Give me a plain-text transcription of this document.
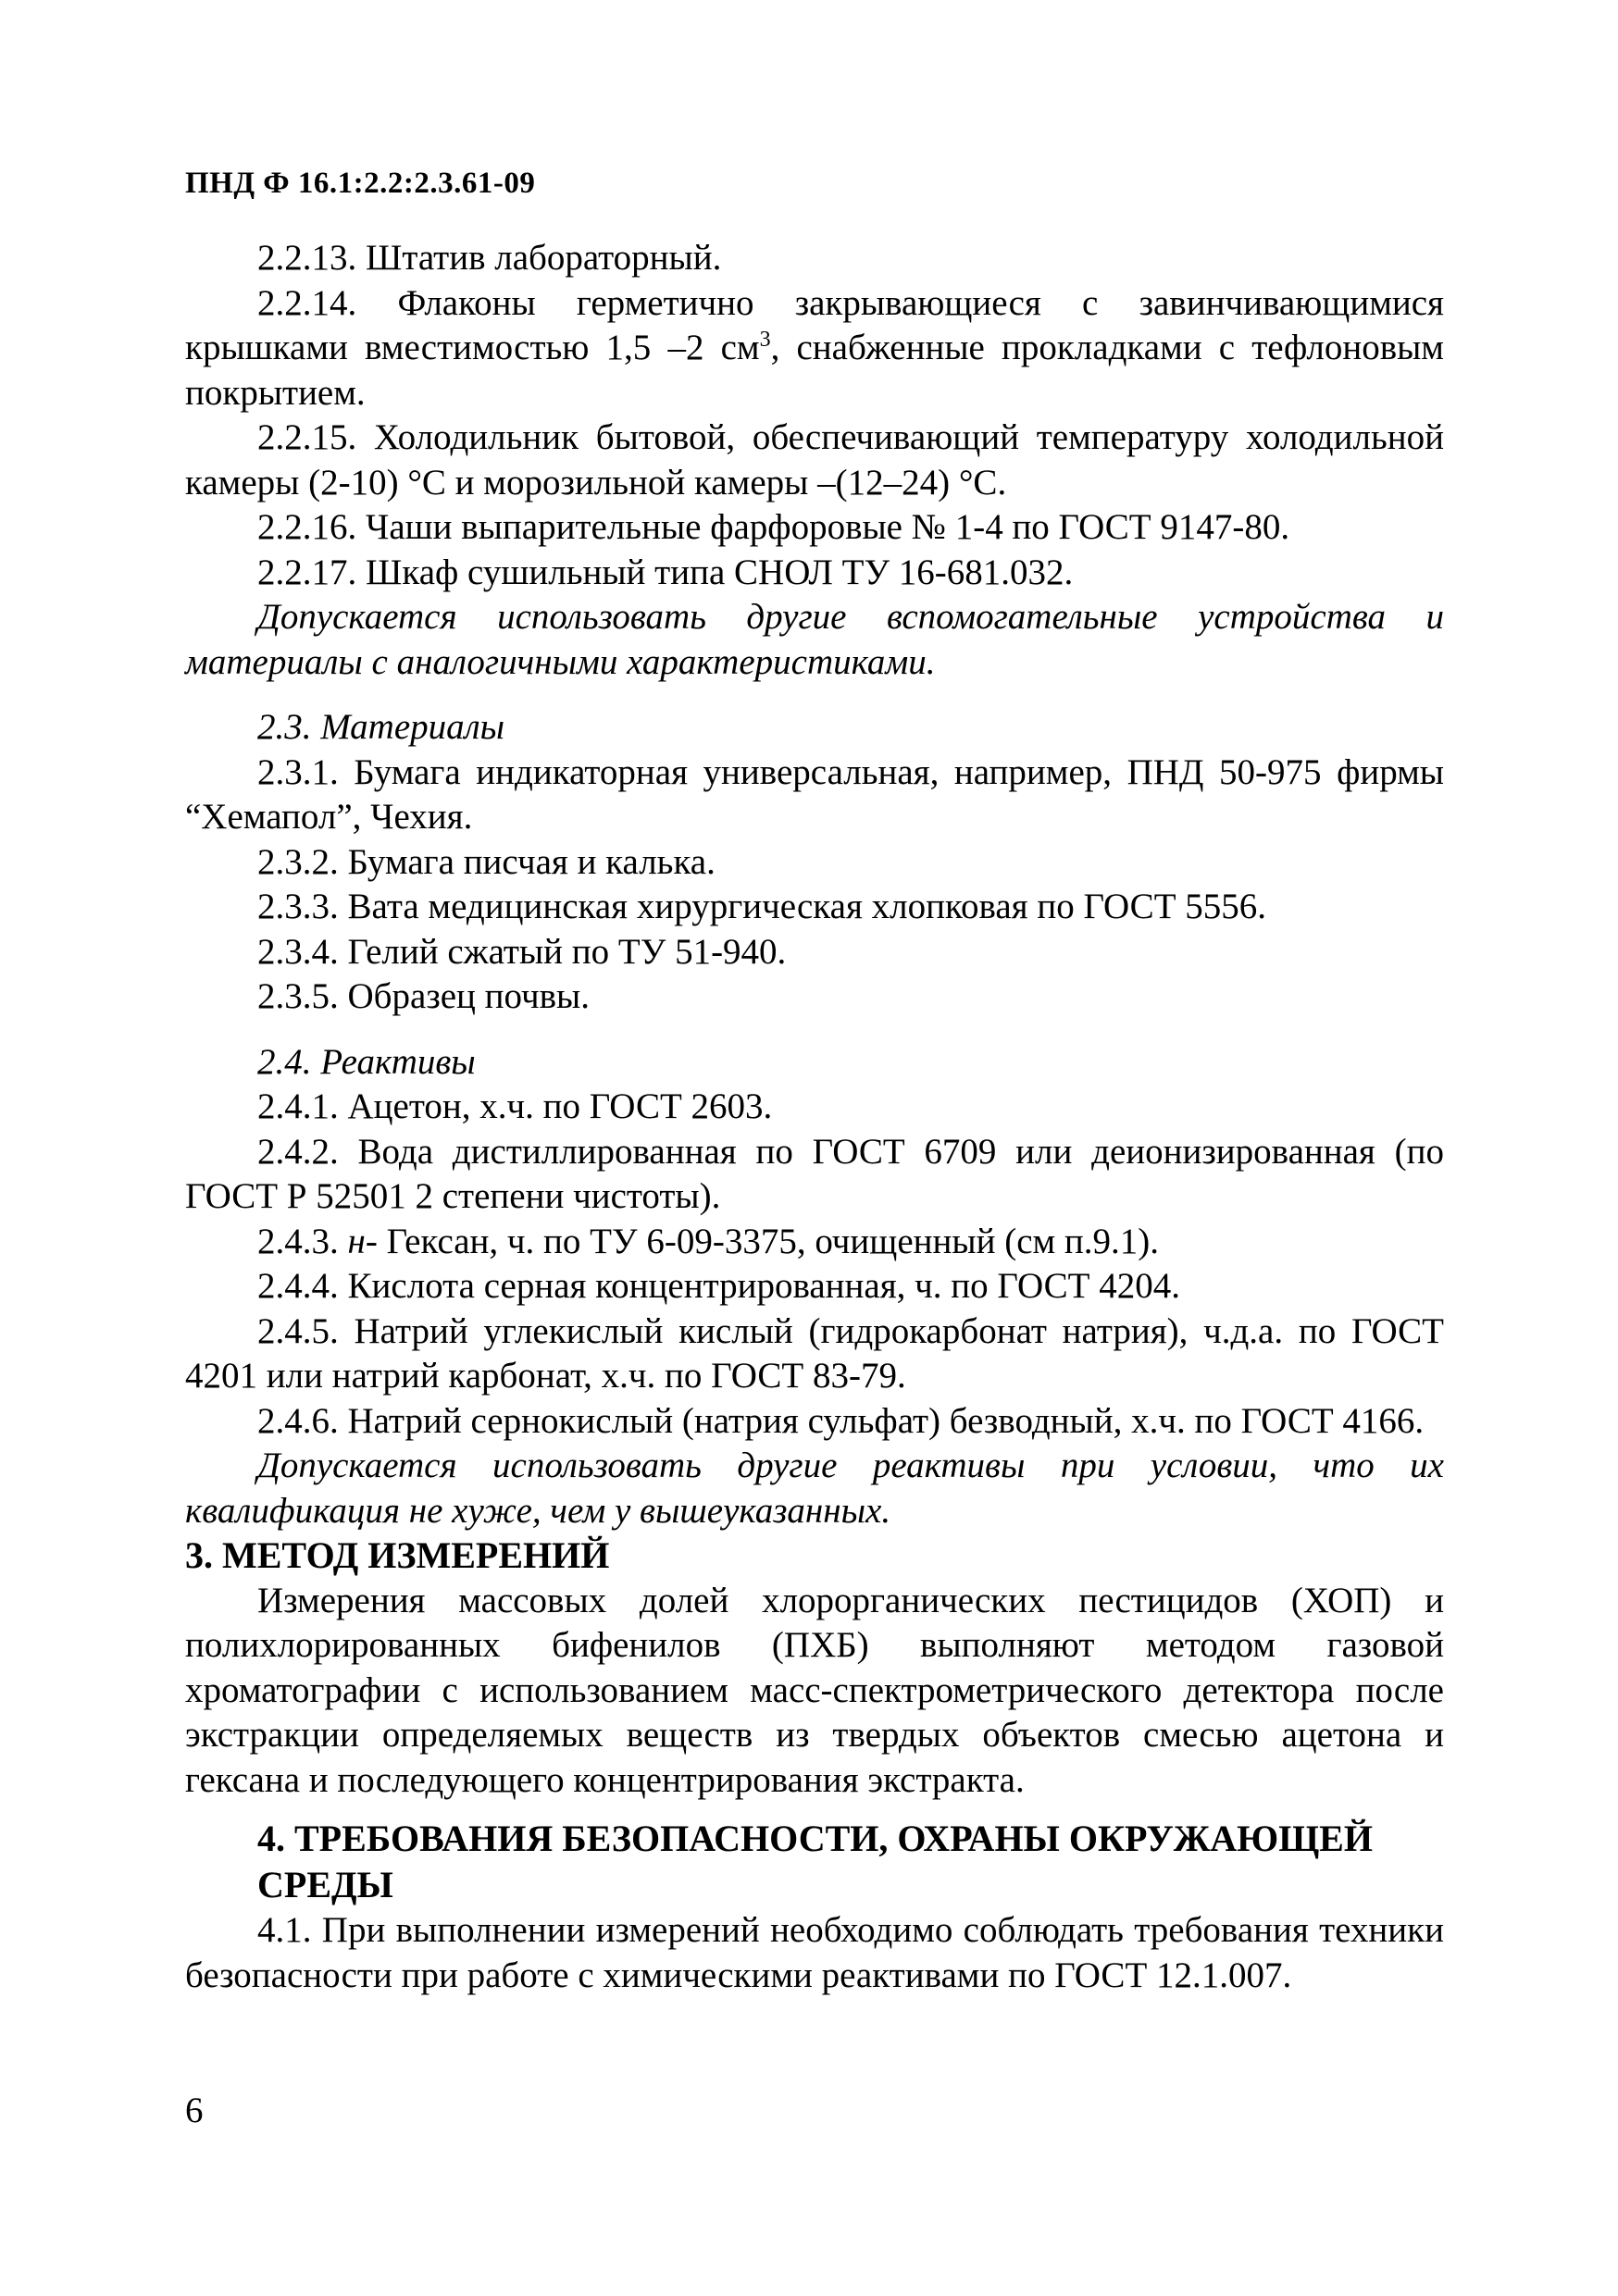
ПНД Ф 16.1:2.2:2.3.61-09

2.2.13. Штатив лабораторный.

2.2.14. Флаконы герметично закрывающиеся с завинчивающимися крышками вместимостью 1,5 –2 $см^3$, снабженные прокладками с тефлоновым покрытием.

2.2.15. Холодильник бытовой, обеспечивающий температуру холодильной камеры (2-10) °С и морозильной камеры –(12–24) °С.

2.2.16. Чаши выпарительные фарфоровые № 1-4 по ГОСТ 9147-80.

2.2.17. Шкаф сушильный типа СНОЛ ТУ 16-681.032.

Допускается использовать другие вспомогательные устройства и материалы с аналогичными характеристиками.

2.3. Материалы

2.3.1. Бумага индикаторная универсальная, например, ПНД 50-975 фирмы “Хемапол”, Чехия.

2.3.2. Бумага писчая и калька.

2.3.3. Вата медицинская хирургическая хлопковая по ГОСТ 5556.

2.3.4. Гелий сжатый по ТУ 51-940.

2.3.5. Образец почвы.

2.4. Реактивы

2.4.1. Ацетон, х.ч. по ГОСТ 2603.

2.4.2. Вода дистиллированная по ГОСТ 6709 или деионизированная (по ГОСТ Р 52501 2 степени чистоты).

2.4.3. н- Гексан, ч. по ТУ 6-09-3375, очищенный (см п.9.1).

2.4.4. Кислота серная концентрированная, ч. по ГОСТ 4204.

2.4.5. Натрий углекислый кислый (гидрокарбонат натрия), ч.д.а. по ГОСТ 4201 или натрий карбонат, х.ч. по ГОСТ 83-79.

2.4.6. Натрий сернокислый (натрия сульфат) безводный, х.ч. по ГОСТ 4166.

Допускается использовать другие реактивы при условии, что их квалификация не хуже, чем у вышеуказанных.

3. МЕТОД ИЗМЕРЕНИЙ

Измерения массовых долей хлорорганических пестицидов (ХОП) и полихлорированных бифенилов (ПХБ) выполняют методом газовой хроматографии с использованием масс-спектрометрического детектора после экстракции определяемых веществ из твердых объектов смесью ацетона и гексана и последующего концентрирования экстракта.

4. ТРЕБОВАНИЯ БЕЗОПАСНОСТИ, ОХРАНЫ ОКРУЖАЮЩЕЙ
СРЕДЫ

4.1. При выполнении измерений необходимо соблюдать требования техники безопасности при работе с химическими реактивами по ГОСТ 12.1.007.

6
